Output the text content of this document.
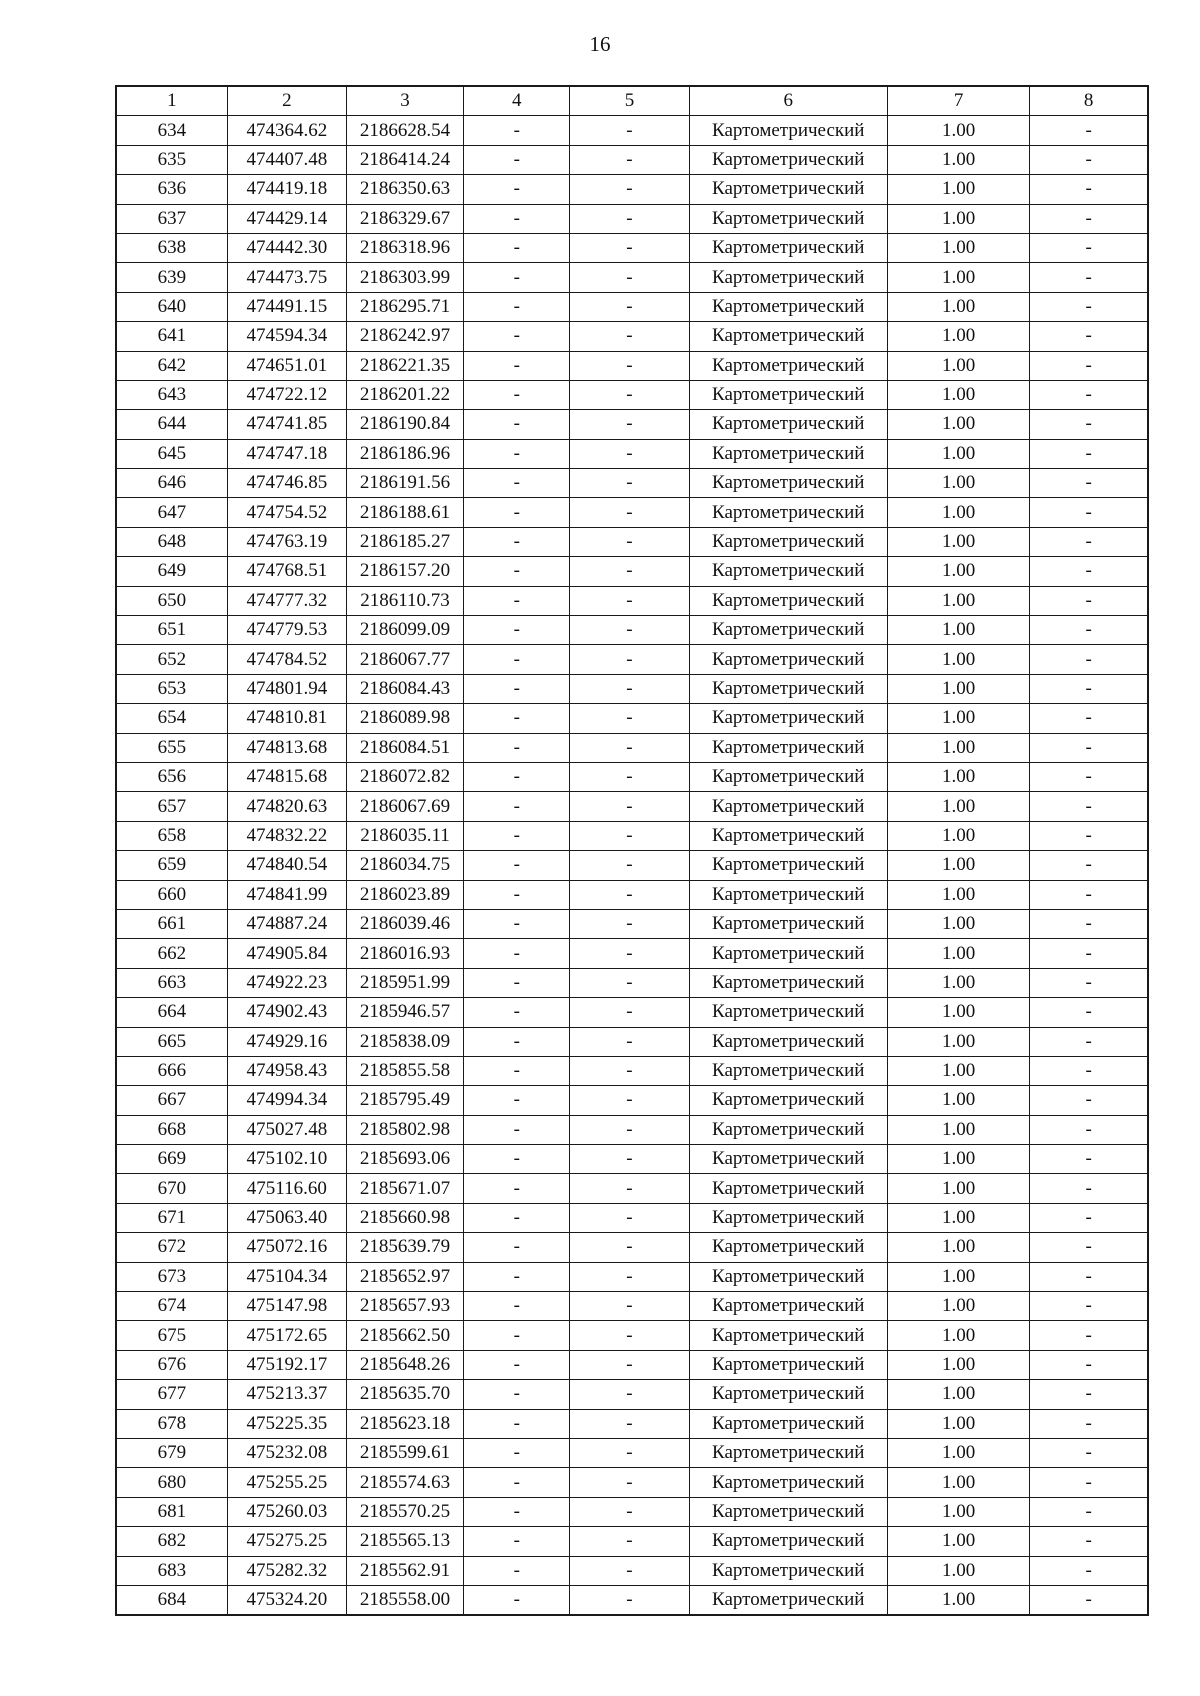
16
1	2	3	4	5	6	7	8
634	474364.62	2186628.54	-	-	Картометрический	1.00	-
635	474407.48	2186414.24	-	-	Картометрический	1.00	-
636	474419.18	2186350.63	-	-	Картометрический	1.00	-
637	474429.14	2186329.67	-	-	Картометрический	1.00	-
638	474442.30	2186318.96	-	-	Картометрический	1.00	-
639	474473.75	2186303.99	-	-	Картометрический	1.00	-
640	474491.15	2186295.71	-	-	Картометрический	1.00	-
641	474594.34	2186242.97	-	-	Картометрический	1.00	-
642	474651.01	2186221.35	-	-	Картометрический	1.00	-
643	474722.12	2186201.22	-	-	Картометрический	1.00	-
644	474741.85	2186190.84	-	-	Картометрический	1.00	-
645	474747.18	2186186.96	-	-	Картометрический	1.00	-
646	474746.85	2186191.56	-	-	Картометрический	1.00	-
647	474754.52	2186188.61	-	-	Картометрический	1.00	-
648	474763.19	2186185.27	-	-	Картометрический	1.00	-
649	474768.51	2186157.20	-	-	Картометрический	1.00	-
650	474777.32	2186110.73	-	-	Картометрический	1.00	-
651	474779.53	2186099.09	-	-	Картометрический	1.00	-
652	474784.52	2186067.77	-	-	Картометрический	1.00	-
653	474801.94	2186084.43	-	-	Картометрический	1.00	-
654	474810.81	2186089.98	-	-	Картометрический	1.00	-
655	474813.68	2186084.51	-	-	Картометрический	1.00	-
656	474815.68	2186072.82	-	-	Картометрический	1.00	-
657	474820.63	2186067.69	-	-	Картометрический	1.00	-
658	474832.22	2186035.11	-	-	Картометрический	1.00	-
659	474840.54	2186034.75	-	-	Картометрический	1.00	-
660	474841.99	2186023.89	-	-	Картометрический	1.00	-
661	474887.24	2186039.46	-	-	Картометрический	1.00	-
662	474905.84	2186016.93	-	-	Картометрический	1.00	-
663	474922.23	2185951.99	-	-	Картометрический	1.00	-
664	474902.43	2185946.57	-	-	Картометрический	1.00	-
665	474929.16	2185838.09	-	-	Картометрический	1.00	-
666	474958.43	2185855.58	-	-	Картометрический	1.00	-
667	474994.34	2185795.49	-	-	Картометрический	1.00	-
668	475027.48	2185802.98	-	-	Картометрический	1.00	-
669	475102.10	2185693.06	-	-	Картометрический	1.00	-
670	475116.60	2185671.07	-	-	Картометрический	1.00	-
671	475063.40	2185660.98	-	-	Картометрический	1.00	-
672	475072.16	2185639.79	-	-	Картометрический	1.00	-
673	475104.34	2185652.97	-	-	Картометрический	1.00	-
674	475147.98	2185657.93	-	-	Картометрический	1.00	-
675	475172.65	2185662.50	-	-	Картометрический	1.00	-
676	475192.17	2185648.26	-	-	Картометрический	1.00	-
677	475213.37	2185635.70	-	-	Картометрический	1.00	-
678	475225.35	2185623.18	-	-	Картометрический	1.00	-
679	475232.08	2185599.61	-	-	Картометрический	1.00	-
680	475255.25	2185574.63	-	-	Картометрический	1.00	-
681	475260.03	2185570.25	-	-	Картометрический	1.00	-
682	475275.25	2185565.13	-	-	Картометрический	1.00	-
683	475282.32	2185562.91	-	-	Картометрический	1.00	-
684	475324.20	2185558.00	-	-	Картометрический	1.00	-
